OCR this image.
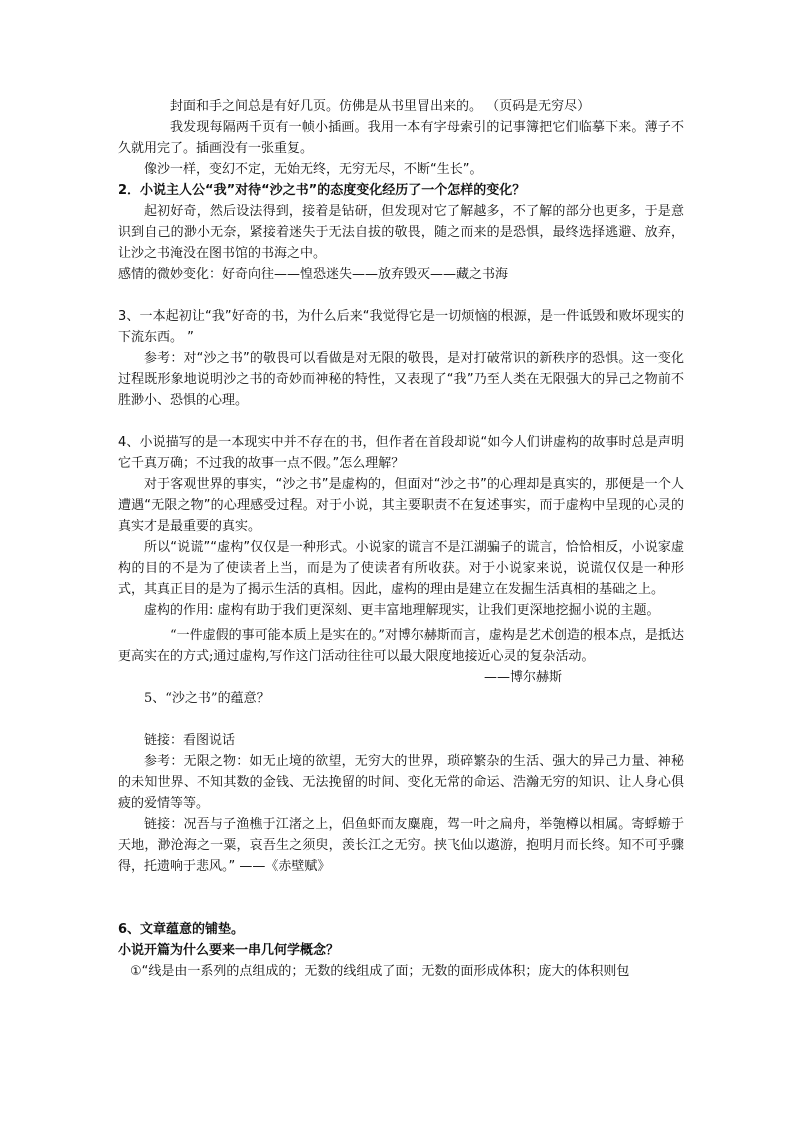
封面和手之间总是有好几页。仿佛是从书里冒出来的。 （页码是无穷尽）

我发现每隔两千页有一帧小插画。我用一本有字母索引的记事簿把它们临摹下来。薄子不久就用完了。插画没有一张重复。

像沙一样，变幻不定，无始无终，无穷无尽，不断“生长”。

2．小说主人公“我”对待“沙之书”的态度变化经历了一个怎样的变化？

起初好奇，然后设法得到，接着是钻研，但发现对它了解越多，不了解的部分也更多，于是意识到自己的渺小无奈，紧接着迷失于无法自拔的敬畏，随之而来的是恐惧，最终选择逃避、放弃，让沙之书淹没在图书馆的书海之中。

感情的微妙变化：好奇向往——惶恐迷失——放弃毁灭——藏之书海

3、一本起初让“我”好奇的书，为什么后来“我觉得它是一切烦恼的根源，是一件诋毁和败坏现实的下流东西。 ”

参考：对“沙之书”的敬畏可以看做是对无限的敬畏，是对打破常识的新秩序的恐惧。这一变化过程既形象地说明沙之书的奇妙而神秘的特性，又表现了“我”乃至人类在无限强大的异己之物前不胜渺小、恐惧的心理。

4、小说描写的是一本现实中并不存在的书，但作者在首段却说“如今人们讲虚构的故事时总是声明它千真万确；不过我的故事一点不假。”怎么理解？

对于客观世界的事实，“沙之书”是虚构的，但面对“沙之书”的心理却是真实的，那便是一个人遭遇“无限之物”的心理感受过程。对于小说，其主要职责不在复述事实，而于虚构中呈现的心灵的真实才是最重要的真实。

所以“说谎”“虚构”仅仅是一种形式。小说家的谎言不是江湖骗子的谎言，恰恰相反，小说家虚构的目的不是为了使读者上当，而是为了使读者有所收获。对于小说家来说，说谎仅仅是一种形式，其真正目的是为了揭示生活的真相。因此，虚构的理由是建立在发掘生活真相的基础之上。

虚构的作用: 虚构有助于我们更深刻、更丰富地理解现实，让我们更深地挖掘小说的主题。

“一件虚假的事可能本质上是实在的。”对博尔赫斯而言，虚构是艺术创造的根本点，是抵达更高实在的方式;通过虚构,写作这门活动往往可以最大限度地接近心灵的复杂活动。

——博尔赫斯

5、“沙之书”的蕴意？

链接：看图说话

参考：无限之物：如无止境的欲望，无穷大的世界，琐碎繁杂的生活、强大的异己力量、神秘的未知世界、不知其数的金钱、无法挽留的时间、变化无常的命运、浩瀚无穷的知识、让人身心俱疲的爱情等等。

链接：况吾与子渔樵于江渚之上，侣鱼虾而友麋鹿，驾一叶之扁舟，举匏樽以相属。寄蜉蝣于天地，渺沧海之一粟，哀吾生之须臾，羡长江之无穷。挟飞仙以遨游，抱明月而长终。知不可乎骤得，托遗响于悲风。” ——《赤壁赋》

6、文章蕴意的铺垫。

小说开篇为什么要来一串几何学概念？

①“线是由一系列的点组成的；无数的线组成了面；无数的面形成体积；庞大的体积则包
